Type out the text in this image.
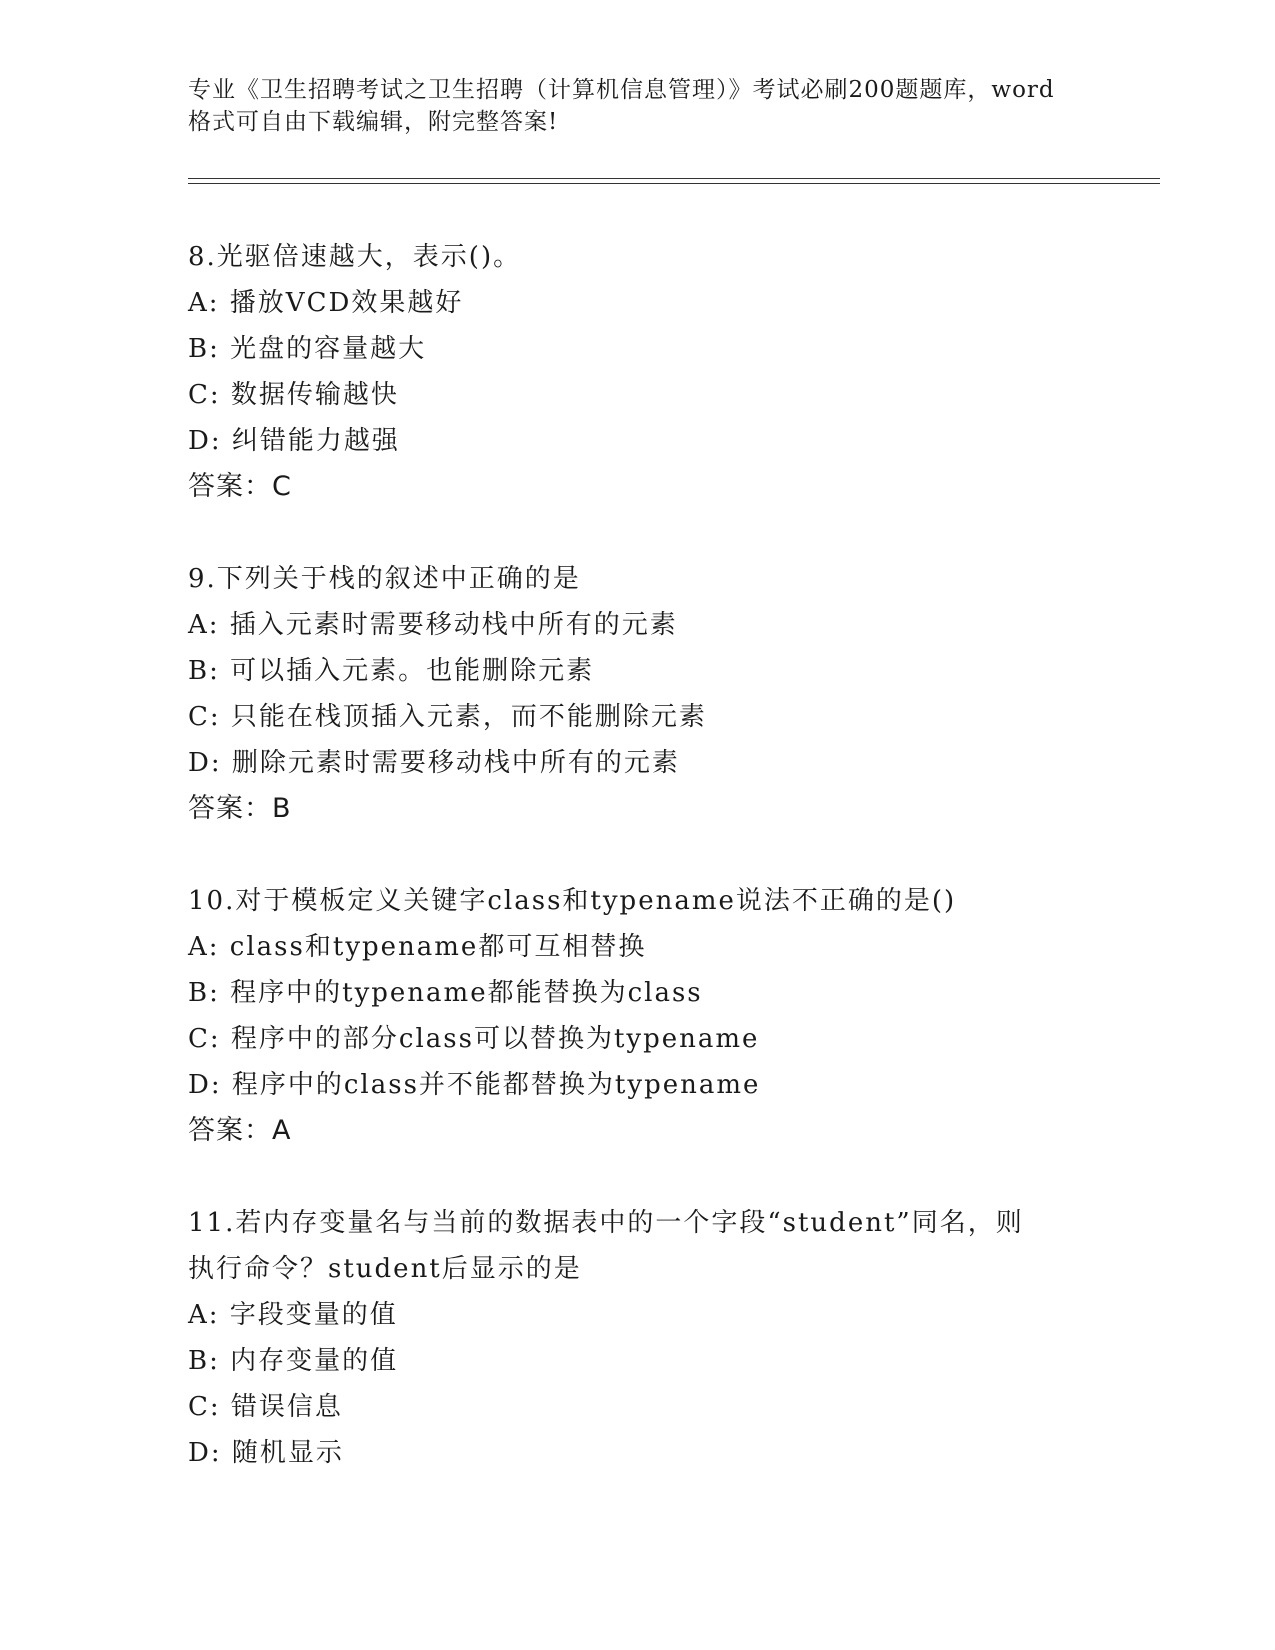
专业《卫生招聘考试之卫生招聘（计算机信息管理）》考试必刷200题题库，word
格式可自由下载编辑，附完整答案!
8.光驱倍速越大，表示()。
A: 播放VCD效果越好
B: 光盘的容量越大
C: 数据传输越快
D: 纠错能力越强
答案：C
9.下列关于栈的叙述中正确的是
A: 插入元素时需要移动栈中所有的元素
B: 可以插入元素。也能删除元素
C: 只能在栈顶插入元素，而不能删除元素
D: 删除元素时需要移动栈中所有的元素
答案：B
10.对于模板定义关键字class和typename说法不正确的是()
A: class和typename都可互相替换
B: 程序中的typename都能替换为class
C: 程序中的部分class可以替换为typename
D: 程序中的class并不能都替换为typename
答案：A
11.若内存变量名与当前的数据表中的一个字段“student”同名，则
执行命令？student后显示的是
A: 字段变量的值
B: 内存变量的值
C: 错误信息
D: 随机显示
